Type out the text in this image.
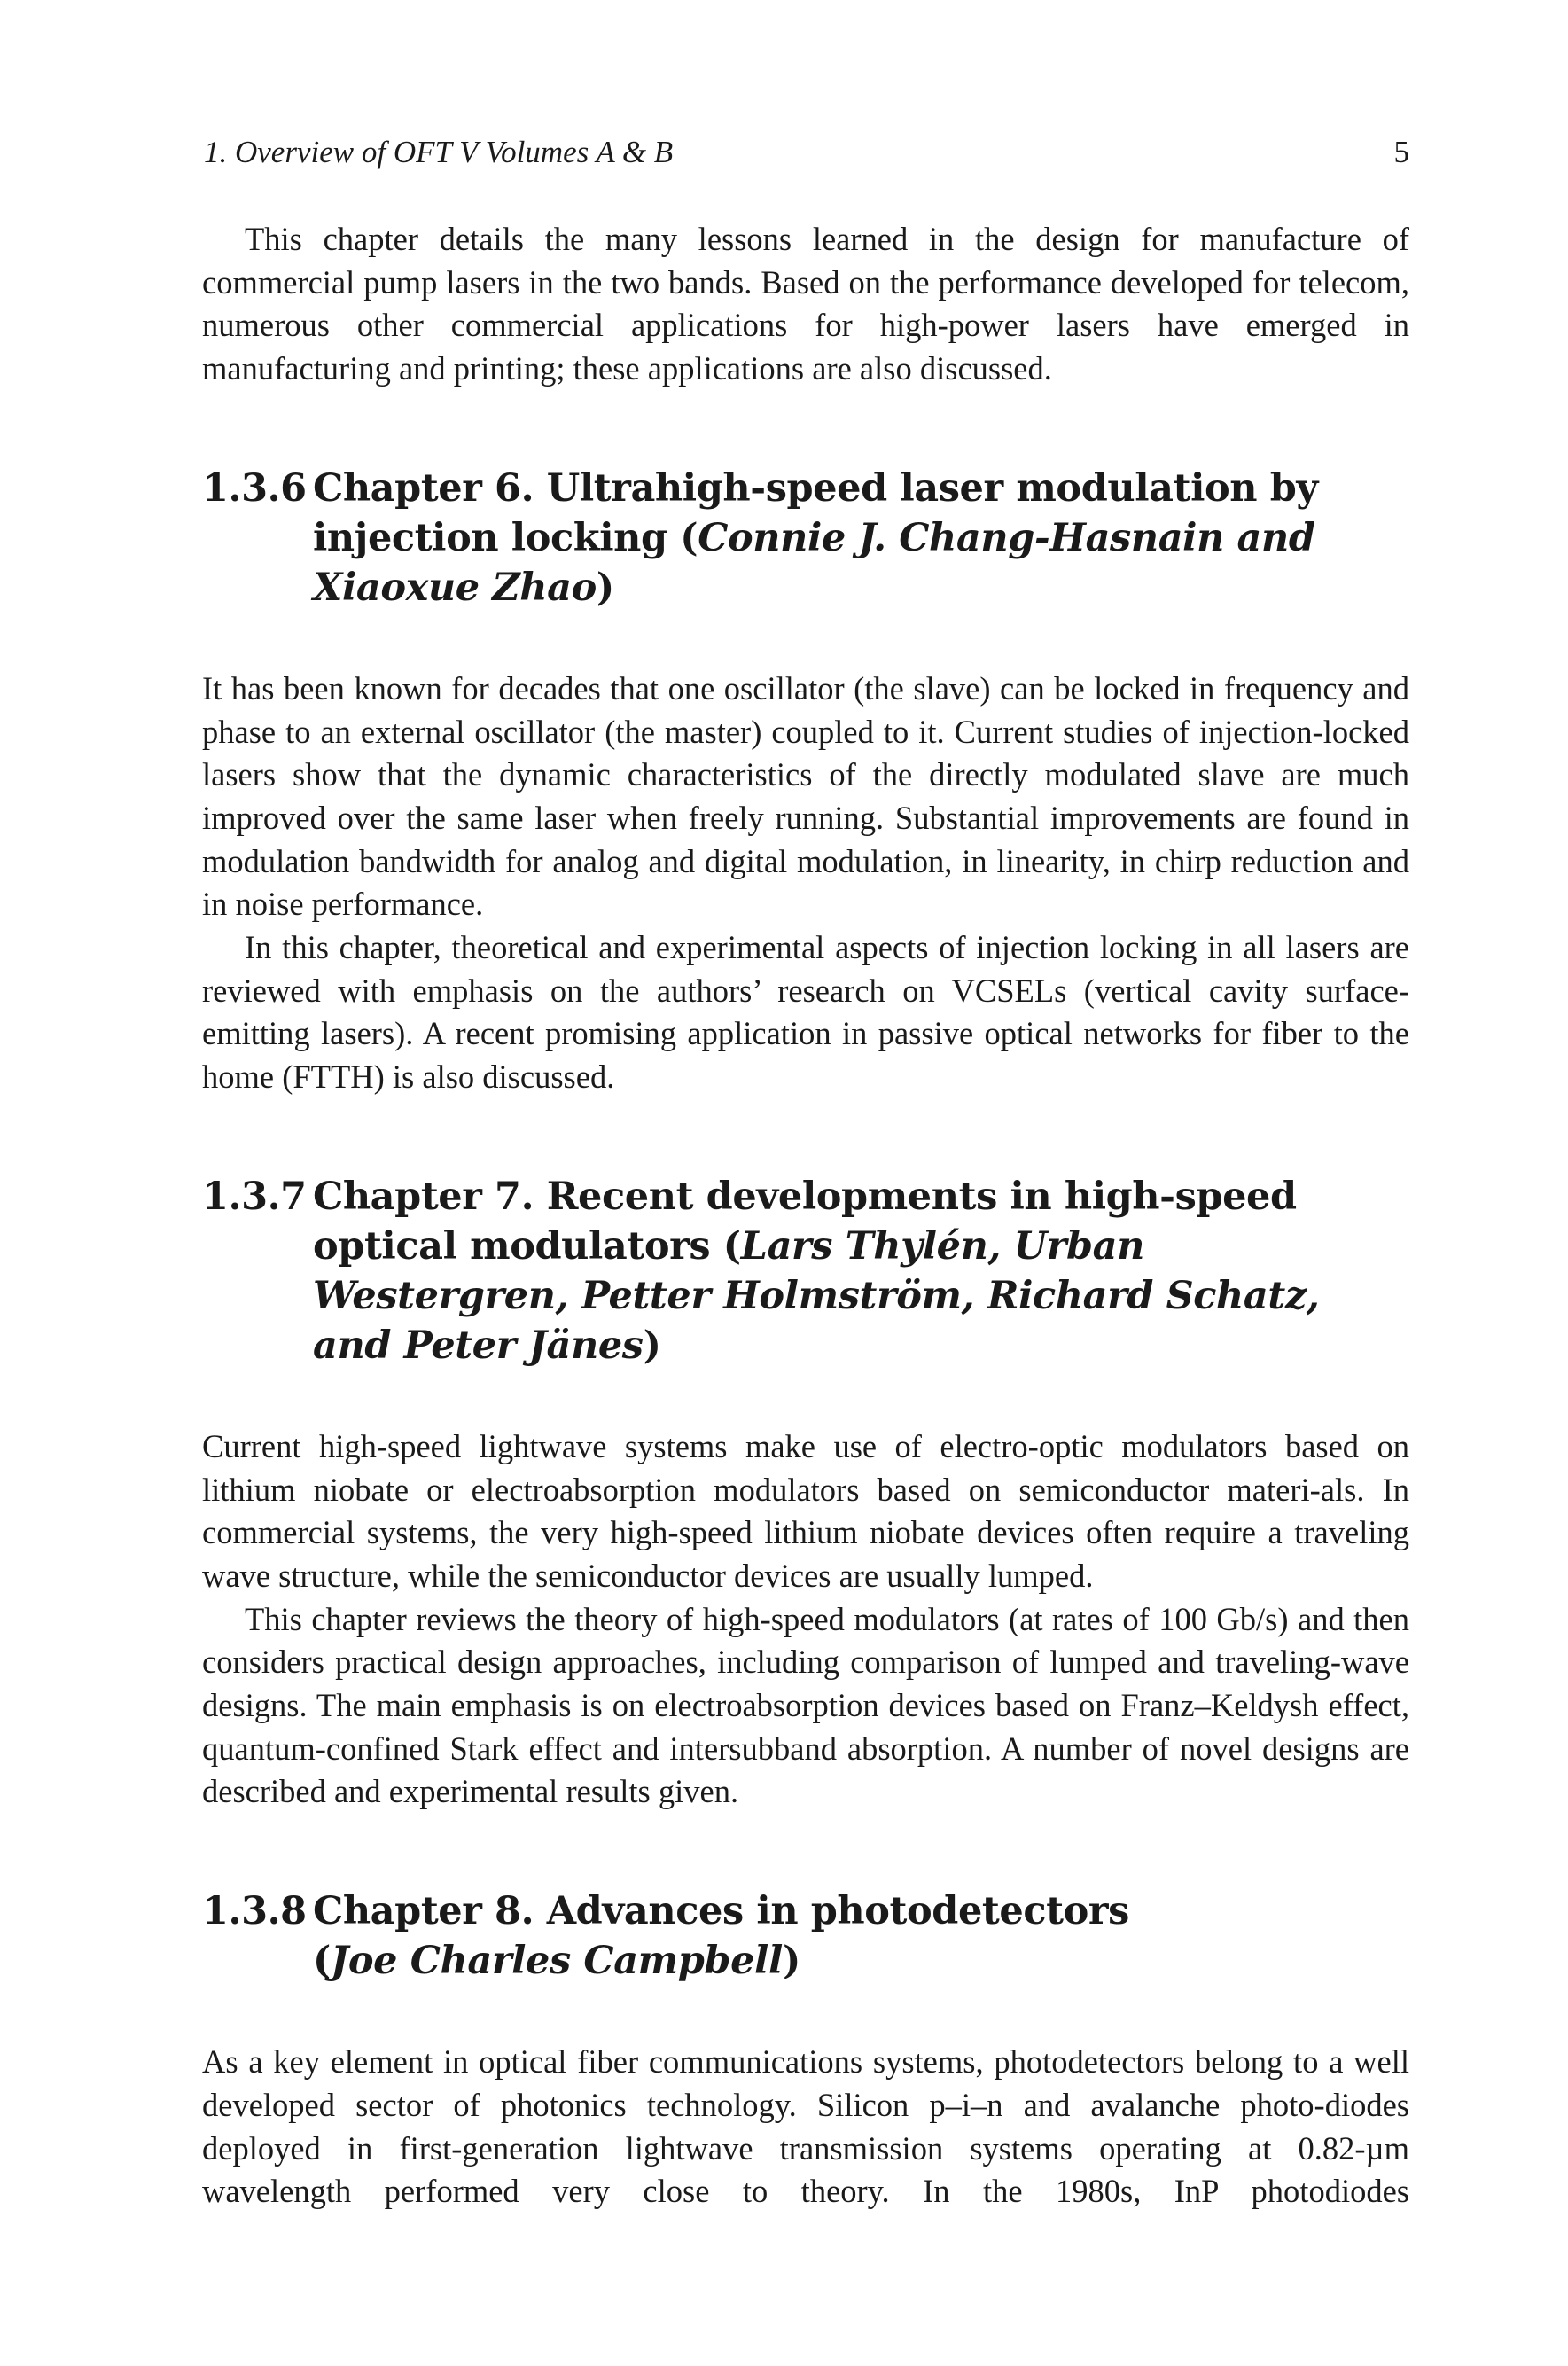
1. Overview of OFT V Volumes A & B	5

This chapter details the many lessons learned in the design for manufacture of commercial pump lasers in the two bands. Based on the performance developed for telecom, numerous other commercial applications for high-power lasers have emerged in manufacturing and printing; these applications are also discussed.

1.3.6 Chapter 6. Ultrahigh-speed laser modulation by injection locking (Connie J. Chang-Hasnain and Xiaoxue Zhao)

It has been known for decades that one oscillator (the slave) can be locked in frequency and phase to an external oscillator (the master) coupled to it. Current studies of injection-locked lasers show that the dynamic characteristics of the directly modulated slave are much improved over the same laser when freely running. Substantial improvements are found in modulation bandwidth for analog and digital modulation, in linearity, in chirp reduction and in noise performance.

In this chapter, theoretical and experimental aspects of injection locking in all lasers are reviewed with emphasis on the authors’ research on VCSELs (vertical cavity surface-emitting lasers). A recent promising application in passive optical networks for fiber to the home (FTTH) is also discussed.

1.3.7 Chapter 7. Recent developments in high-speed optical modulators (Lars Thylén, Urban Westergren, Petter Holmström, Richard Schatz, and Peter Jänes)

Current high-speed lightwave systems make use of electro-optic modulators based on lithium niobate or electroabsorption modulators based on semiconductor materi-als. In commercial systems, the very high-speed lithium niobate devices often require a traveling wave structure, while the semiconductor devices are usually lumped.

This chapter reviews the theory of high-speed modulators (at rates of 100 Gb/s) and then considers practical design approaches, including comparison of lumped and traveling-wave designs. The main emphasis is on electroabsorption devices based on Franz–Keldysh effect, quantum-confined Stark effect and intersubband absorption. A number of novel designs are described and experimental results given.

1.3.8 Chapter 8. Advances in photodetectors
(Joe Charles Campbell)

As a key element in optical fiber communications systems, photodetectors belong to a well developed sector of photonics technology. Silicon p–i–n and avalanche photo-diodes deployed in first-generation lightwave transmission systems operating at 0.82-µm wavelength performed very close to theory. In the 1980s, InP photodiodes
